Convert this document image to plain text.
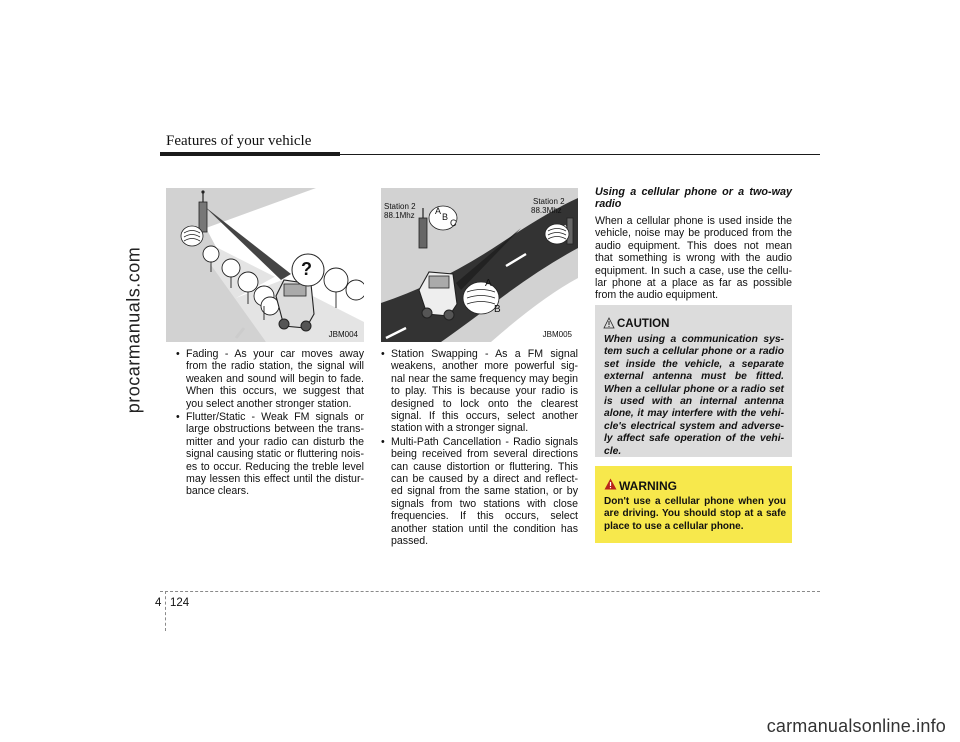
Features of your vehicle
procarmanuals.com
carmanualsonline.info
?
JBM004
Station 2
88.1Mhz
Station 2
88.3Mhz
A
B
C
A
B
JBM005
• Fading - As your car moves away from the radio station, the signal will weaken and sound will begin to fade. When this occurs, we suggest that you select another stronger station.
• Flutter/Static - Weak FM signals or large obstructions between the trans-mitter and your radio can disturb the signal causing static or fluttering nois-es to occur. Reducing the treble level may lessen this effect until the distur-bance clears.
• Station Swapping - As a FM signal weakens, another more powerful sig-nal near the same frequency may begin to play. This is because your radio is designed to lock onto the clearest signal. If this occurs, select another station with a stronger signal.
• Multi-Path Cancellation - Radio signals being received from several directions can cause distortion or fluttering. This can be caused by a direct and reflect-ed signal from the same station, or by signals from two stations with close frequencies. If this occurs, select another station until the condition has passed.
Using a cellular phone or a two-way radio

When a cellular phone is used inside the vehicle, noise may be produced from the audio equipment. This does not mean that something is wrong with the audio equipment. In such a case, use the cellu-lar phone at a place as far as possible from the audio equipment.

CAUTION
When using a communication sys-tem such a cellular phone or a radio set inside the vehicle, a separate external antenna must be fitted. When a cellular phone or a radio set is used with an internal antenna alone, it may interfere with the vehi-cle's electrical system and adverse-ly affect safe operation of the vehi-cle.
WARNING
Don't use a cellular phone when you are driving. You should stop at a safe place to use a cellular phone.
4 124
